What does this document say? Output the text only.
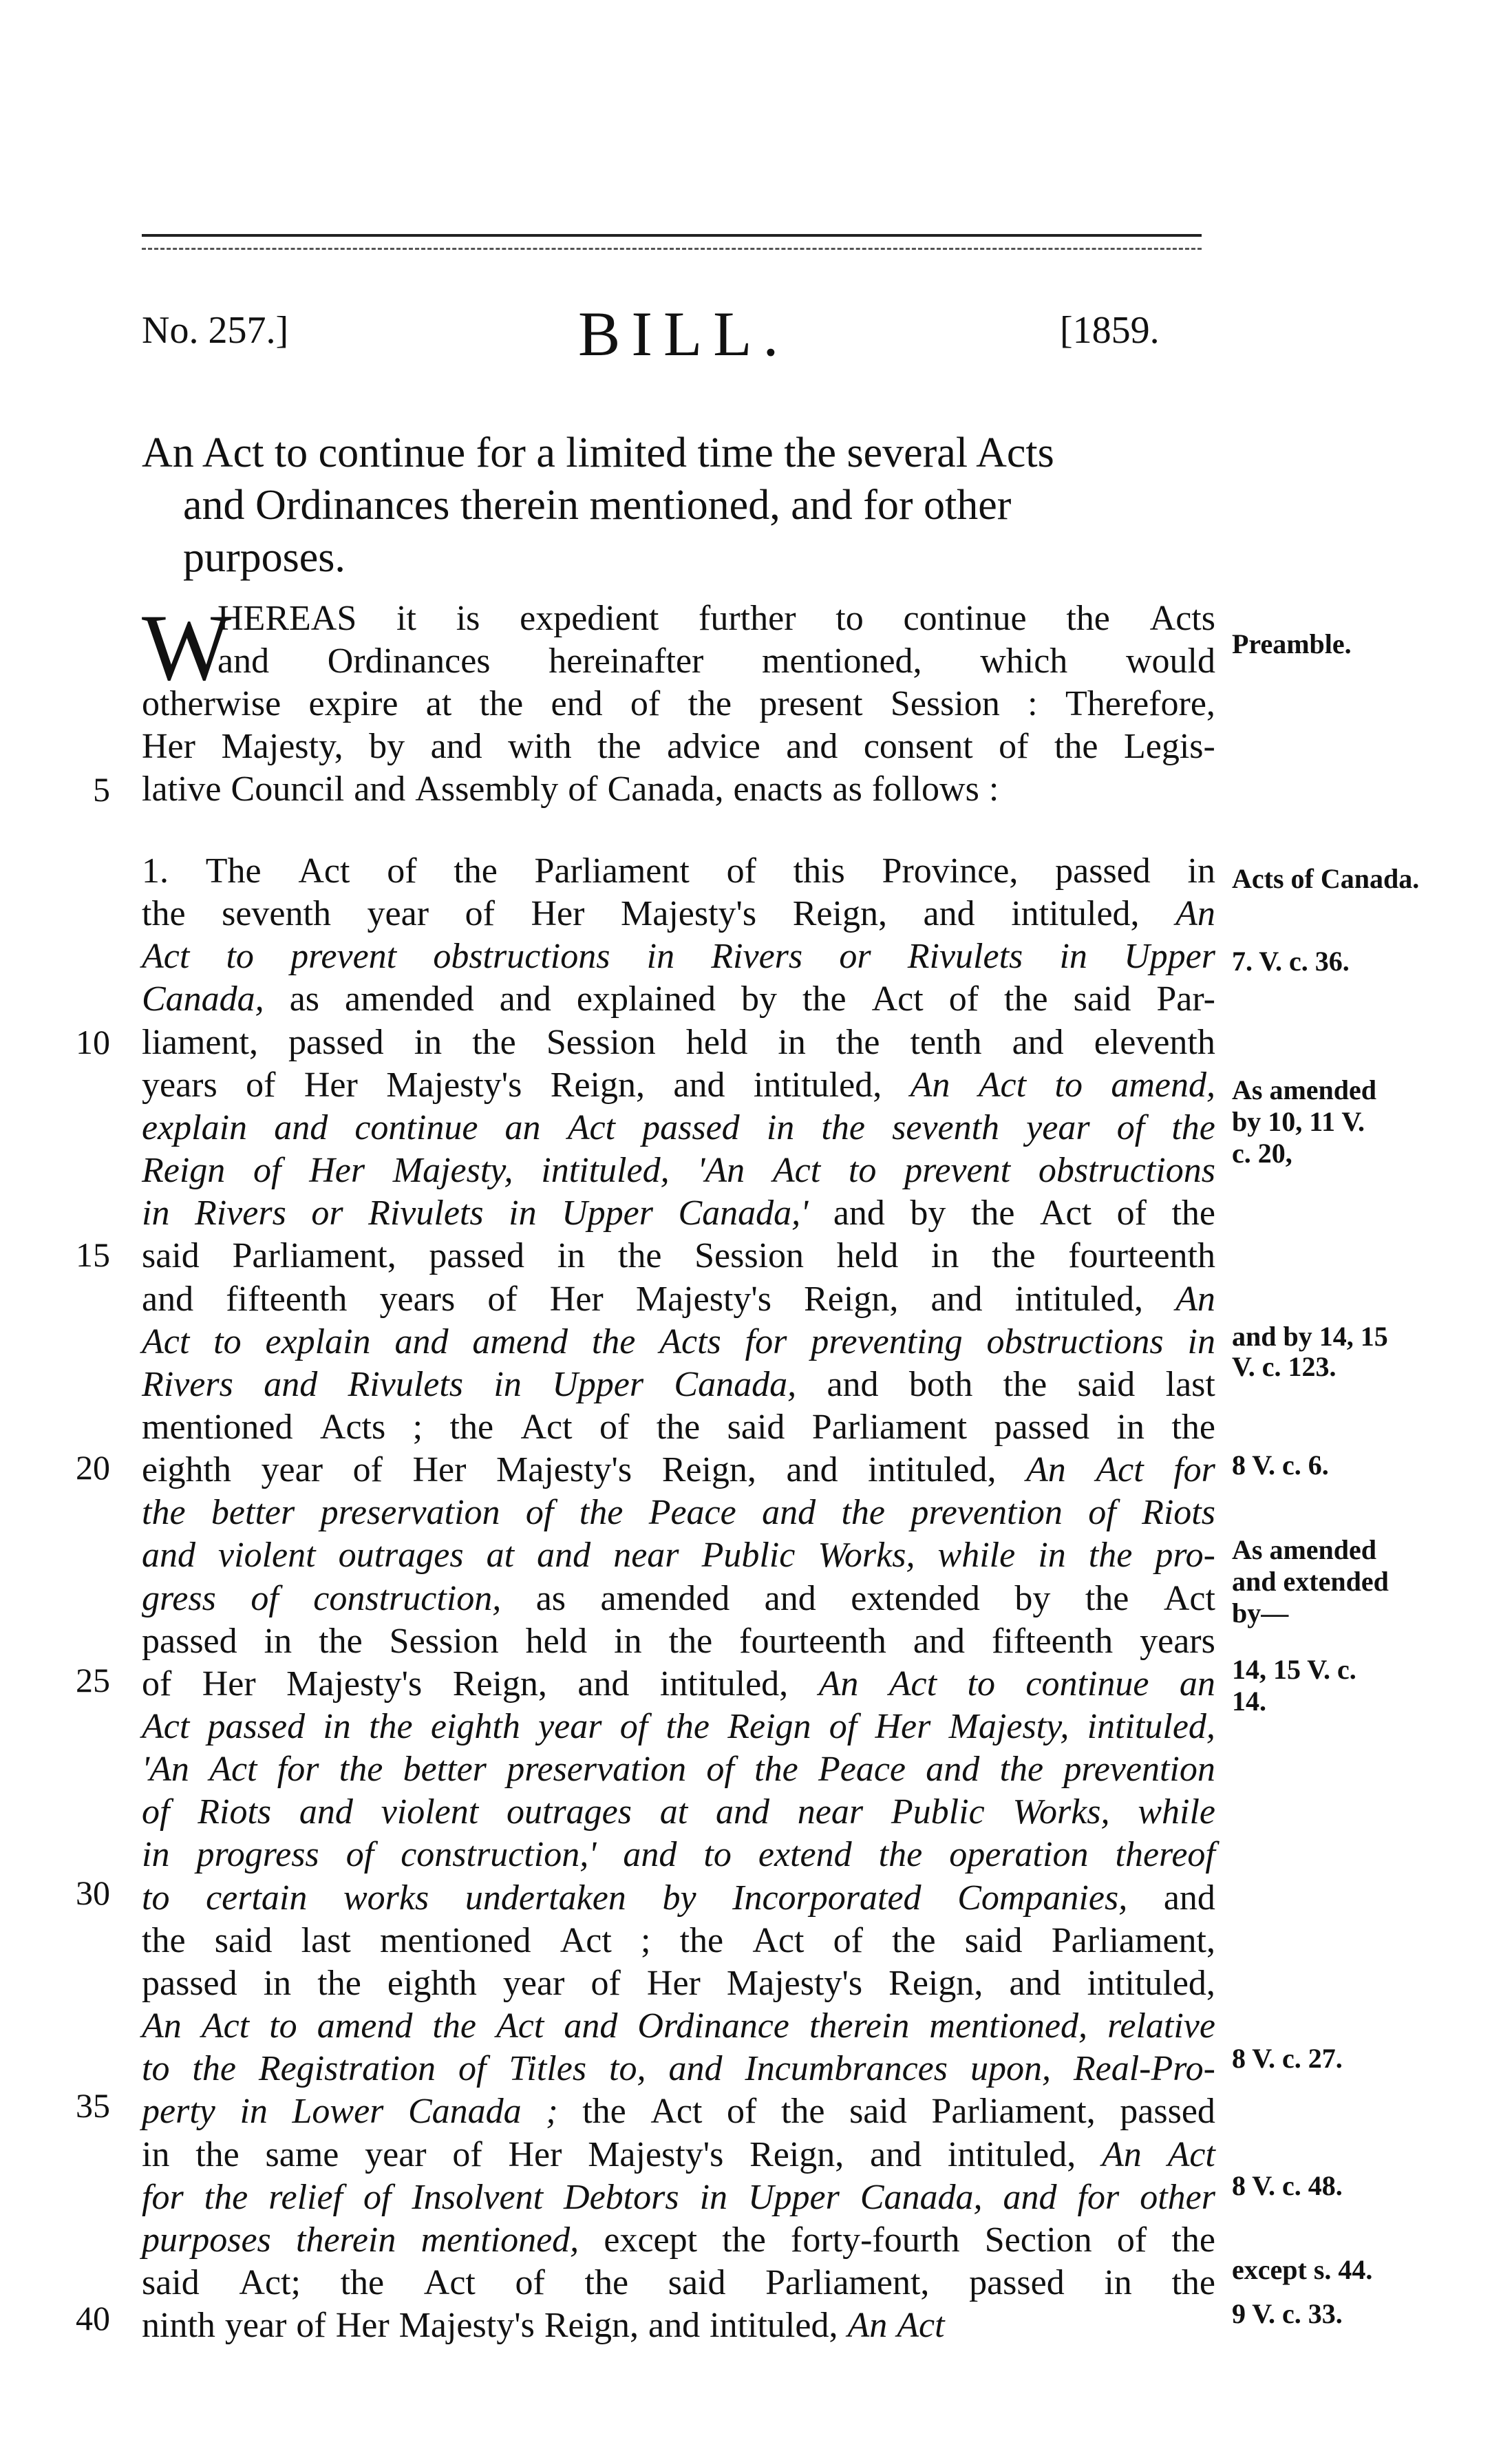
No. 257.]	BILL.	[1859.
An Act to continue for a limited time the several Acts
and Ordinances therein mentioned, and for other
purposes.
W
HEREAS it is expedient further to continue the Acts
and Ordinances hereinafter mentioned, which would
otherwise expire at the end of the present Session : Therefore,
Her Majesty, by and with the advice and consent of the Legis-
lative Council and Assembly of Canada, enacts as follows :
1. The Act of the Parliament of this Province, passed in
the seventh year of Her Majesty's Reign, and intituled, An
Act to prevent obstructions in Rivers or Rivulets in Upper
Canada, as amended and explained by the Act of the said Par-
liament, passed in the Session held in the tenth and eleventh
years of Her Majesty's Reign, and intituled, An Act to amend,
explain and continue an Act passed in the seventh year of the
Reign of Her Majesty, intituled, 'An Act to prevent obstructions
in Rivers or Rivulets in Upper Canada,' and by the Act of the
said Parliament, passed in the Session held in the fourteenth
and fifteenth years of Her Majesty's Reign, and intituled, An
Act to explain and amend the Acts for preventing obstructions in
Rivers and Rivulets in Upper Canada, and both the said last
mentioned Acts ; the Act of the said Parliament passed in the
eighth year of Her Majesty's Reign, and intituled, An Act for
the better preservation of the Peace and the prevention of Riots
and violent outrages at and near Public Works, while in the pro-
gress of construction, as amended and extended by the Act
passed in the Session held in the fourteenth and fifteenth years
of Her Majesty's Reign, and intituled, An Act to continue an
Act passed in the eighth year of the Reign of Her Majesty, intituled,
'An Act for the better preservation of the Peace and the prevention
of Riots and violent outrages at and near Public Works, while
in progress of construction,' and to extend the operation thereof
to certain works undertaken by Incorporated Companies, and
the said last mentioned Act ; the Act of the said Parliament,
passed in the eighth year of Her Majesty's Reign, and intituled,
An Act to amend the Act and Ordinance therein mentioned, relative
to the Registration of Titles to, and Incumbrances upon, Real-Pro-
perty in Lower Canada ; the Act of the said Parliament, passed
in the same year of Her Majesty's Reign, and intituled, An Act
for the relief of Insolvent Debtors in Upper Canada, and for other
purposes therein mentioned, except the forty-fourth Section of the
said Act; the Act of the said Parliament, passed in the
ninth year of Her Majesty's Reign, and intituled, An Act
5
10
15
20
25
30
35
40
Preamble.
Acts of Canada.
7. V. c. 36.
As amended
by 10, 11 V.
c. 20,
and by 14, 15
V. c. 123.
8 V. c. 6.
As amended
and extended
by—
14, 15 V. c.
14.
8 V. c. 27.
8 V. c. 48.
except s. 44.
9 V. c. 33.
